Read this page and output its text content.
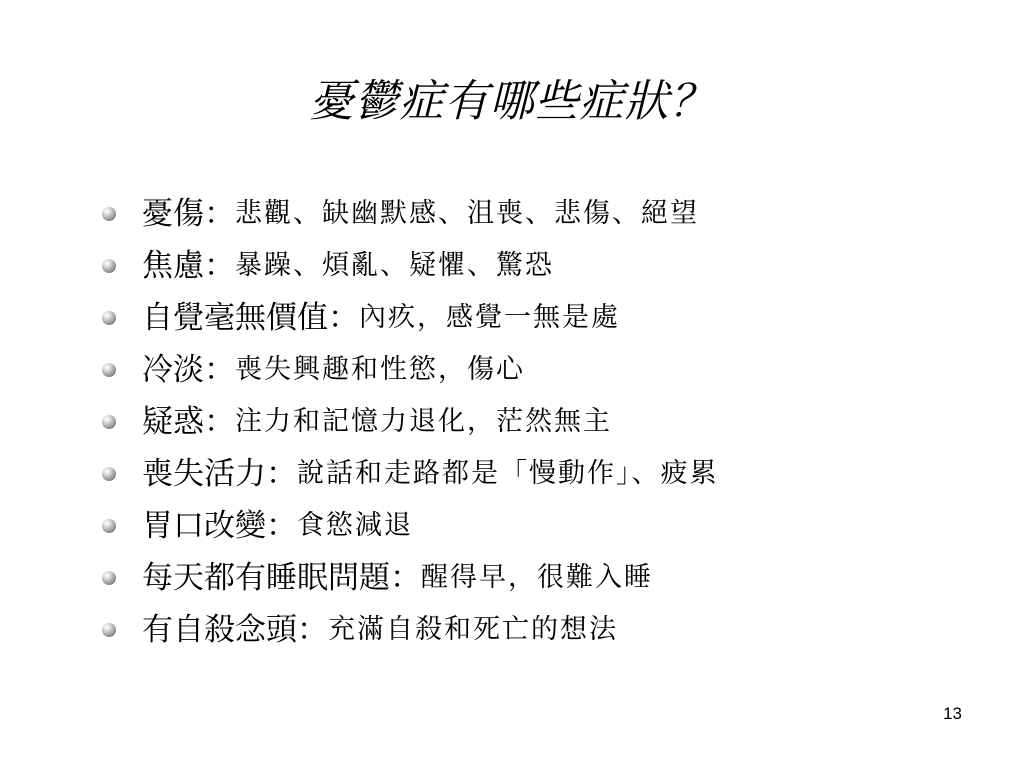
憂鬱症有哪些症狀？
憂傷： 悲觀、缺幽默感、沮喪、悲傷、絕望
焦慮： 暴躁、煩亂、疑懼、驚恐
自覺毫無價值： 內疚，感覺一無是處
冷淡： 喪失興趣和性慾，傷心
疑惑： 注力和記憶力退化，茫然無主
喪失活力： 說話和走路都是「慢動作」、疲累
胃口改變： 食慾減退
每天都有睡眠問題： 醒得早，很難入睡
有自殺念頭： 充滿自殺和死亡的想法
13
